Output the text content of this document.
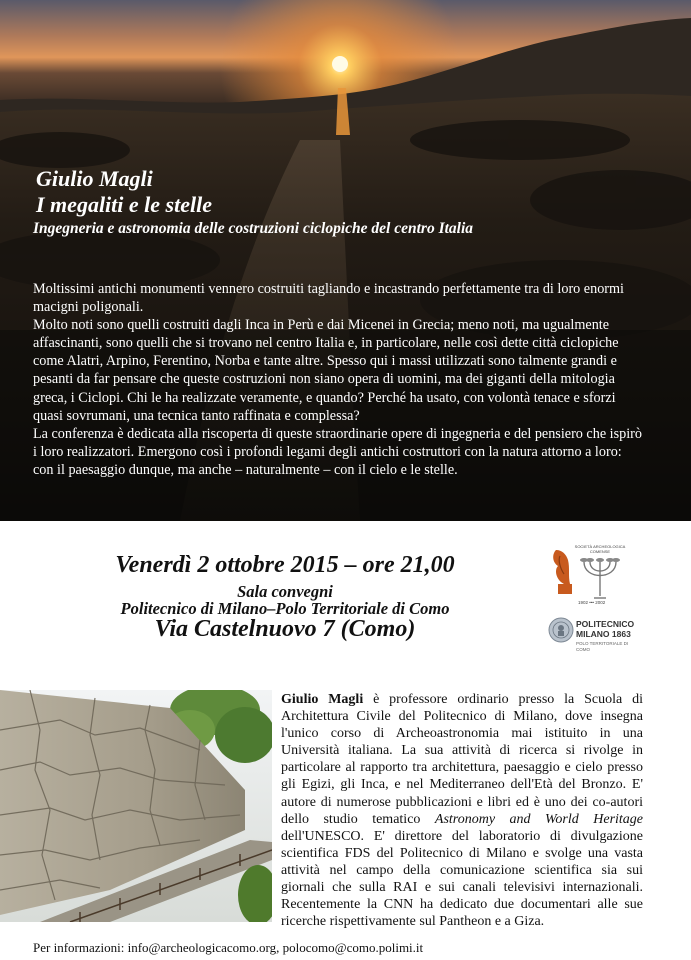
Giulio Magli
I megaliti e le stelle
Ingegneria e astronomia delle costruzioni ciclopiche del centro Italia

Moltissimi antichi monumenti vennero costruiti tagliando e incastrando perfettamente tra di loro enormi macigni poligonali.

Molto noti sono quelli costruiti dagli Inca in Perù e dai Micenei in Grecia; meno noti, ma ugualmente affascinanti, sono quelli che si trovano nel centro Italia e, in particolare, nelle così dette città ciclopiche come Alatri, Arpino, Ferentino, Norba e tante altre. Spesso qui i massi utilizzati sono talmente grandi e pesanti da far pensare che queste costruzioni non siano opera di uomini, ma dei giganti della mitologia greca, i Ciclopi. Chi le ha realizzate veramente, e quando? Perché ha usato, con volontà tenace e sforzi quasi sovrumani, una tecnica tanto raffinata e complessa?

La conferenza è dedicata alla riscoperta di queste straordinarie opere di ingegneria e del pensiero che ispirò i loro realizzatori. Emergono così i profondi legami degli antichi costruttori con la natura attorno a loro: con il paesaggio dunque, ma anche – naturalmente – con il cielo e le stelle.

Venerdì 2 ottobre 2015 – ore 21,00
Sala convegni
Politecnico di Milano–Polo Territoriale di Como
Via Castelnuovo 7 (Como)
SOCIETÀ ARCHEOLOGICA COMENSE
1902 ••• 2002
POLITECNICO
MILANO 1863
POLO TERRITORIALE DI COMO

Giulio Magli è professore ordinario presso la Scuola di Architettura Civile del Politecnico di Milano, dove insegna l'unico corso di Archeoastronomia mai istituito in una Università italiana. La sua attività di ricerca si rivolge in particolare al rapporto tra architettura, paesaggio e cielo presso gli Egizi, gli Inca, e nel Mediterraneo dell'Età del Bronzo. E' autore di numerose pubblicazioni e libri ed è uno dei co-autori dello studio tematico Astronomy and World Heritage dell'UNESCO. E' direttore del laboratorio di divulgazione scientifica FDS del Politecnico di Milano e svolge una vasta attività nel campo della comunicazione scientifica sia sui giornali che sulla RAI e sui canali televisivi internazionali. Recentemente la CNN ha dedicato due documentari alle sue ricerche rispettivamente sul Pantheon e a Giza.

Per informazioni: info@archeologicacomo.org, polocomo@como.polimi.it
